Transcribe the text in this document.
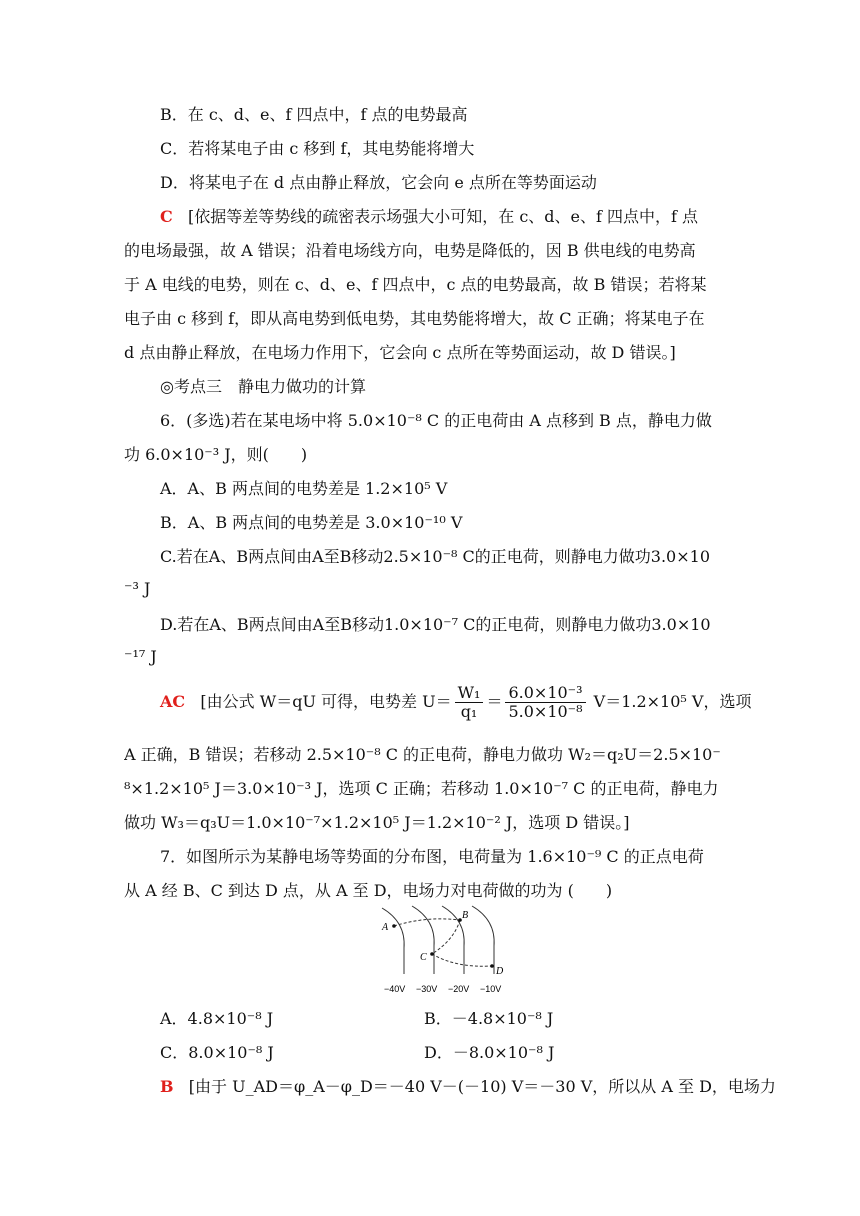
B．在 c、d、e、f 四点中，f 点的电势最高
C．若将某电子由 c 移到 f，其电势能将增大
D．将某电子在 d 点由静止释放，它会向 e 点所在等势面运动
C [依据等差等势线的疏密表示场强大小可知，在 c、d、e、f 四点中，f 点
的电场最强，故 A 错误；沿着电场线方向，电势是降低的，因 B 供电线的电势高
于 A 电线的电势，则在 c、d、e、f 四点中，c 点的电势最高，故 B 错误；若将某
电子由 c 移到 f，即从高电势到低电势，其电势能将增大，故 C 正确；将某电子在
d 点由静止释放，在电场力作用下，它会向 c 点所在等势面运动，故 D 错误。]
◎考点三　静电力做功的计算
6．(多选)若在某电场中将 5.0×10⁻⁸ C 的正电荷由 A 点移到 B 点，静电力做
功 6.0×10⁻³ J，则(　　)
A．A、B 两点间的电势差是 1.2×10⁵ V
B．A、B 两点间的电势差是 3.0×10⁻¹⁰ V
C.若在A、B两点间由A至B移动2.5×10⁻⁸ C的正电荷，则静电力做功3.0×10
⁻³ J
D.若在A、B两点间由A至B移动1.0×10⁻⁷ C的正电荷，则静电力做功3.0×10
⁻¹⁷ J
AC [由公式 W＝qU 可得，电势差 $U= \frac{\text{W₁}}{\text{q₁}} = \frac{\text{6.0×10⁻³}}{\text{5.0×10⁻⁸}} V=1.2\times 10^5$ V，选项
A 正确，B 错误；若移动 2.5×10⁻⁸ C 的正电荷，静电力做功 W₂＝q₂U＝2.5×10⁻
⁸×1.2×10⁵ J＝3.0×10⁻³ J，选项 C 正确；若移动 1.0×10⁻⁷ C 的正电荷，静电力
做功 W₃＝q₃U＝1.0×10⁻⁷×1.2×10⁵ J＝1.2×10⁻² J，选项 D 错误。]
7．如图所示为某静电场等势面的分布图，电荷量为 1.6×10⁻⁹ C 的正点电荷
从 A 经 B、C 到达 D 点，从 A 至 D，电场力对电荷做的功为 (　　)
A
B
C
D
−40V −30V −20V −10V
A．4.8×10⁻⁸ J	B．－4.8×10⁻⁸ J
C．8.0×10⁻⁸ J	D．－8.0×10⁻⁸ J
B [由于 U_AD＝φ_A－φ_D＝－40 V－(－10) V＝－30 V，所以从 A 至 D，电场力
